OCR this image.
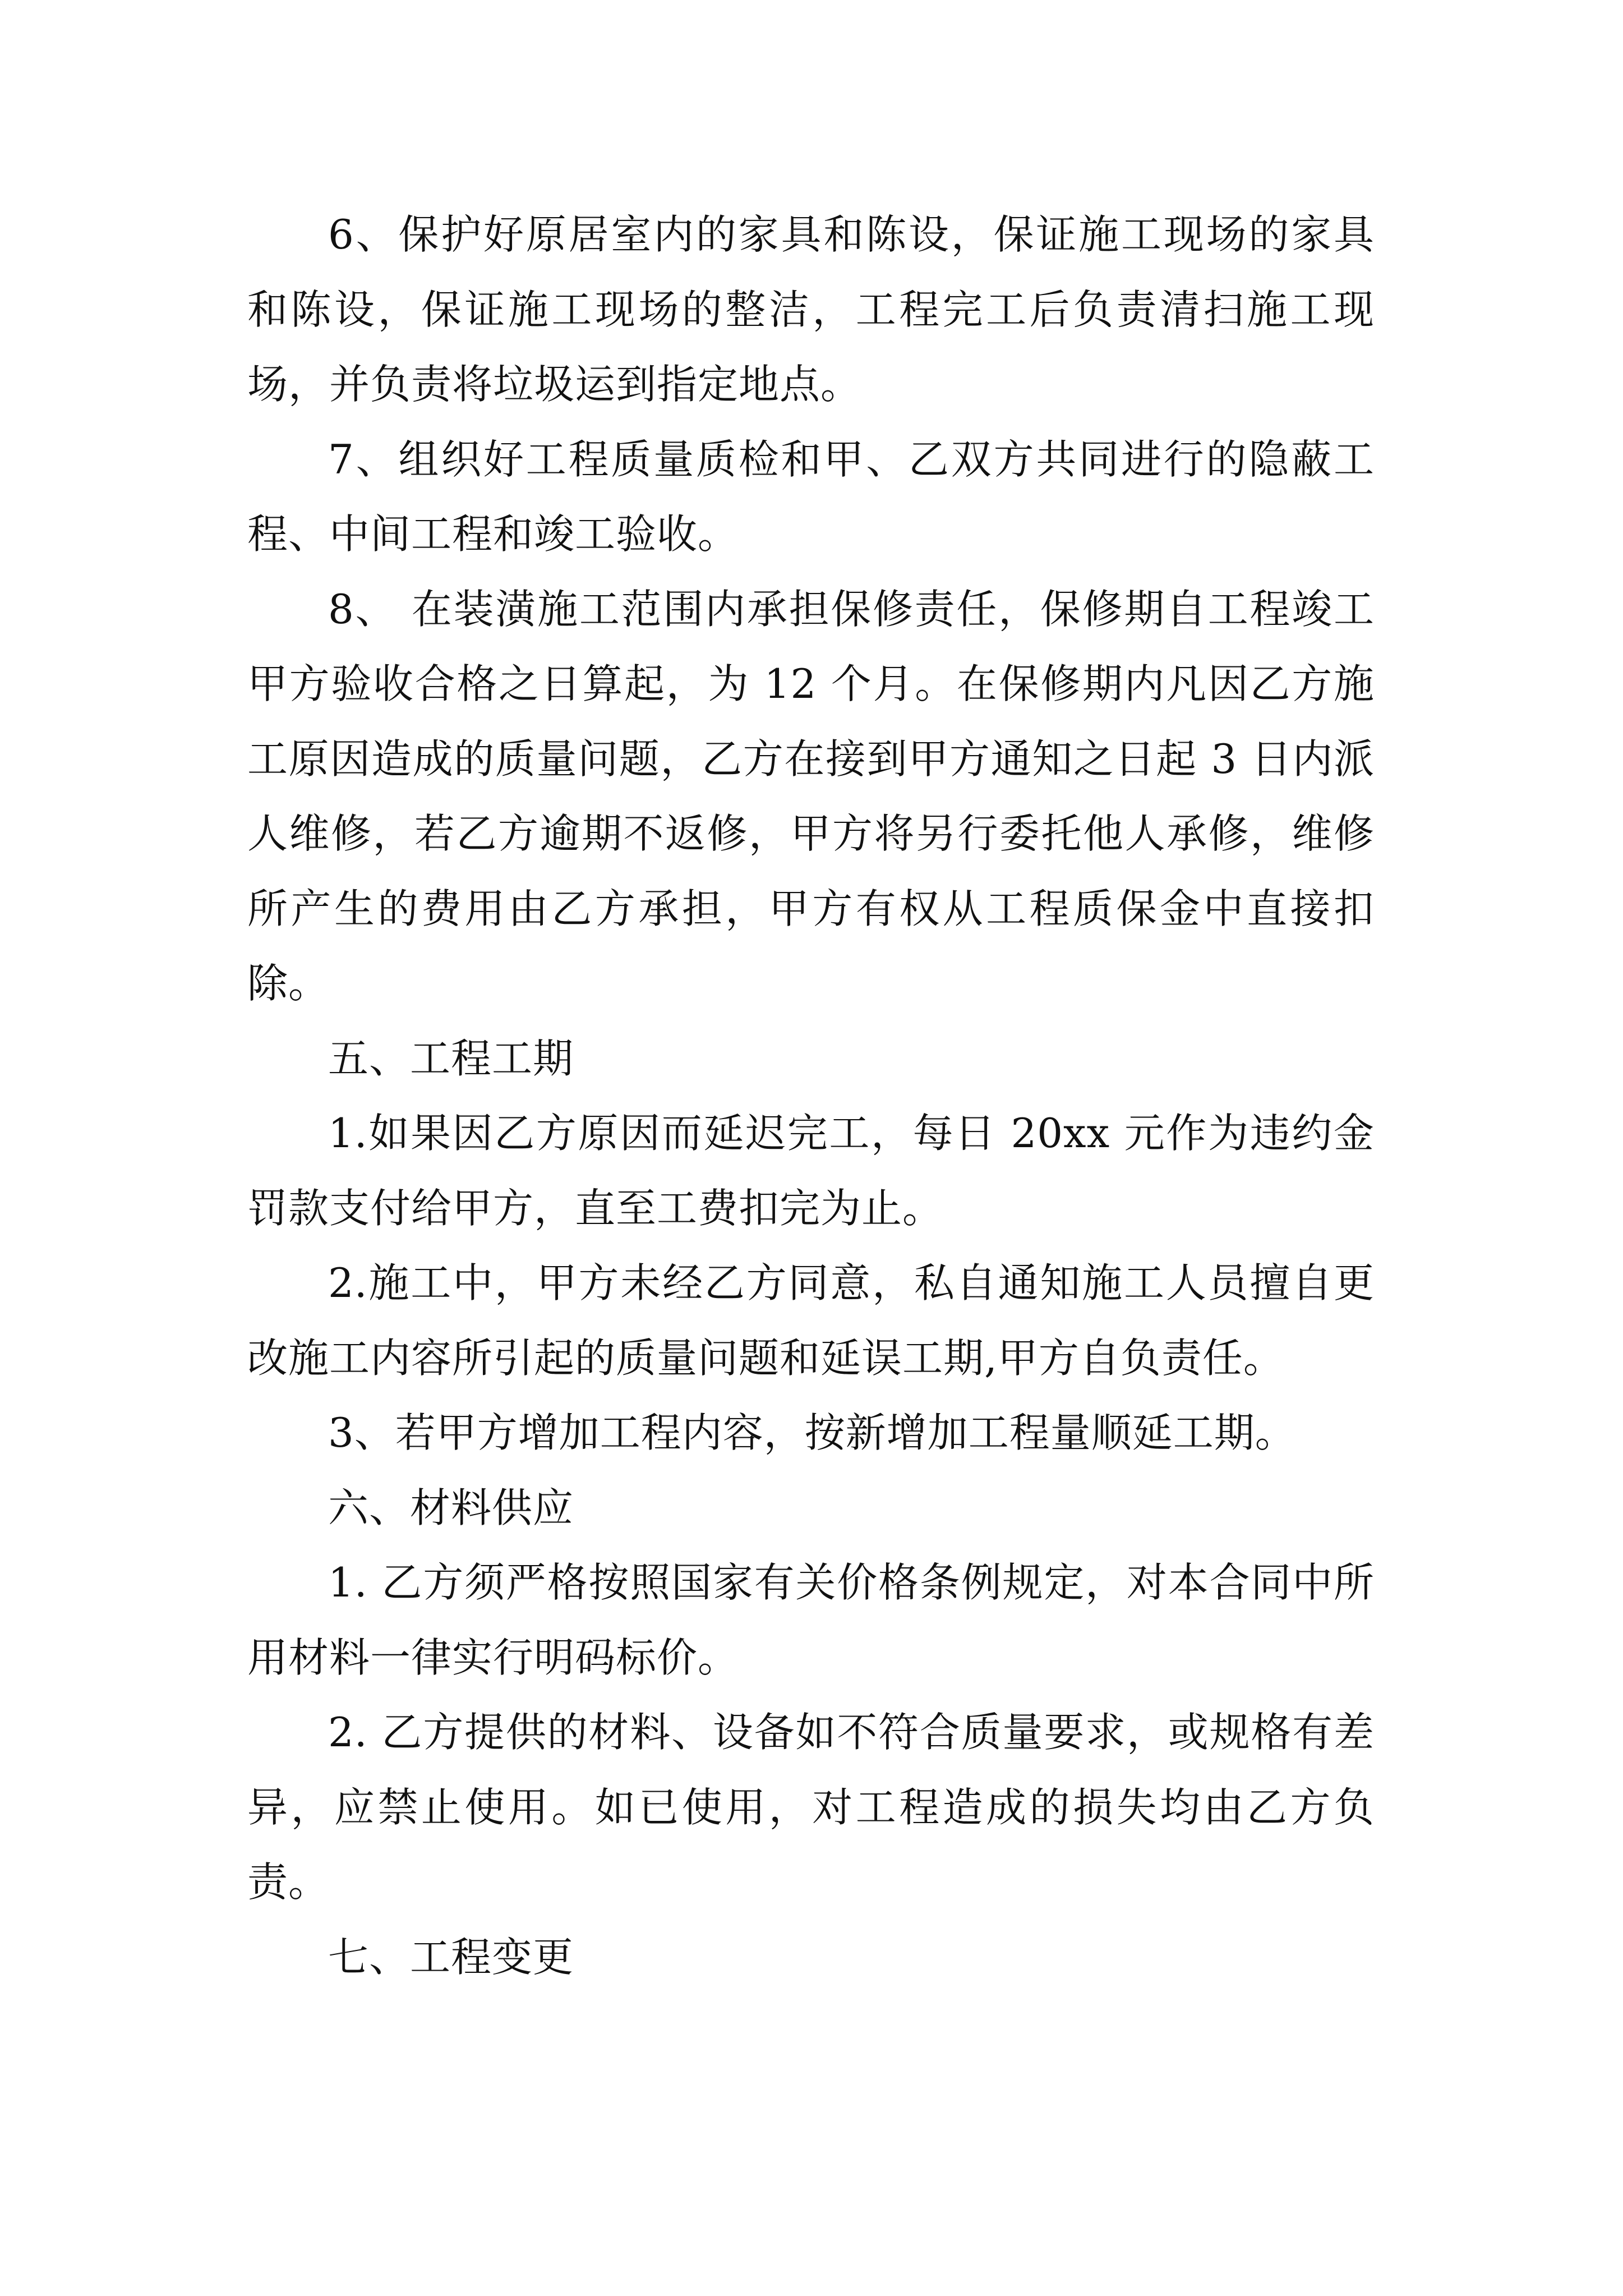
6、保护好原居室内的家具和陈设，保证施工现场的家具和陈设，保证施工现场的整洁，工程完工后负责清扫施工现场，并负责将垃圾运到指定地点。

7、组织好工程质量质检和甲、乙双方共同进行的隐蔽工程、中间工程和竣工验收。

8、 在装潢施工范围内承担保修责任，保修期自工程竣工甲方验收合格之日算起，为 12 个月。在保修期内凡因乙方施工原因造成的质量问题，乙方在接到甲方通知之日起 3 日内派人维修，若乙方逾期不返修，甲方将另行委托他人承修，维修所产生的费用由乙方承担，甲方有权从工程质保金中直接扣除。

五、工程工期

1.如果因乙方原因而延迟完工，每日 20xx 元作为违约金罚款支付给甲方，直至工费扣完为止。

2.施工中，甲方未经乙方同意，私自通知施工人员擅自更改施工内容所引起的质量问题和延误工期,甲方自负责任。

3、若甲方增加工程内容，按新增加工程量顺延工期。

六、材料供应

1. 乙方须严格按照国家有关价格条例规定，对本合同中所用材料一律实行明码标价。

2. 乙方提供的材料、设备如不符合质量要求，或规格有差异，应禁止使用。如已使用，对工程造成的损失均由乙方负责。

七、工程变更
